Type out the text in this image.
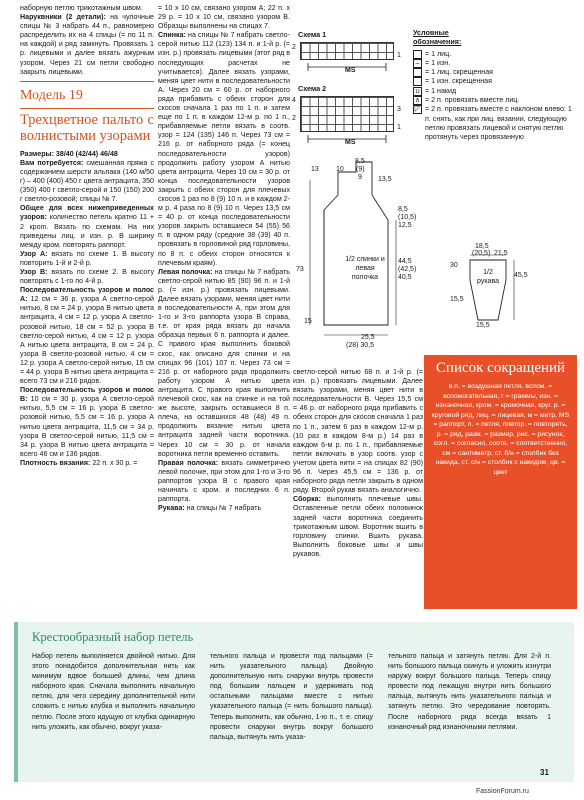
наборную петлю трикотажным швом.

Наруквники (2 детали): на чулочные спицы № 3 набрать 44 п., равномерно распределить их на 4 спицы (= по 11 п. на каждой) и ряд замкнуть. Провязать 1 р. лицевыми и далее вязать ажурным узором. Через 21 см петли свободно закрыть лицевыми.

Модель 19
Трехцветное пальто с волнистыми узорами

Размеры: 38/40 (42/44) 46/48

Вам потребуется: смешанная пряжа с содержанием шерсти альпака (140 м/50 г) – 400 (400) 450 г цвета антрацита, 350 (350) 400 г светло-серой и 150 (150) 200 г светло-розовой; спицы № 7.

Общее для всех нижеприведенных узоров: количество петель кратно 11 + 2 крom. Вязать по схемам. На них приведены лиц. и изн. р. В ширину между кром. повторять раппорт.

Узор А: вязать по схеме 1. В высоту повторить 1-й и 2-й р.

Узор В: вязать по схеме 2. В высоту повторять с 1-го по 4-й р.

Последовательность узоров и полос А: 12 см = 36 р. узора А светло-серой нитью, 8 см = 24 р. узора В нитью цвета антрацита, 4 см = 12 р. узора А светло-розовой нитью, 18 см = 52 р. узора В светло-серой нитью, 4 см = 12 р. узора А нитью цвета антрацита, 8 см = 24 р. узора В светло-розовой нитью, 4 см = 12 р. узора А светло-серой нитью, 15 см = 44 р. узора В нитью цвета антрацита = всего 73 см и 216 рядов.

Последовательность узоров и полос В: 10 см = 30 р. узора А светло-серой нитью, 5,5 см = 16 р. узора В светло-розовой нитью, 5,5 см = 16 р. узора А нитью цвета антрацита, 11,5 см = 34 р. узора В светло-серой нитью, 11,5 см = 34 р. узора В нитью цвета антрацита = всего 46 см и 136 рядов.

Плотность вязания: 22 п. х 30 р. =

= 10 х 10 см, связано узором А; 22 п. х 29 р. = 10 х 10 см, связано узором В. Образцы выполнены на спицах 7.

Спинка: на спицы № 7 набрать светло-серой нитью 112 (123) 134 п. и 1-й р. (= изн. р.) провязать лицевыми (этот ряд в последующих расчетах не учитывается). Далее вязать узорами, меняя цвет нити в последовательности А. Через 20 см = 60 р. от наборного ряда прибавить с обеих сторон для скосов сначала 1 раз по 1 п. и затем еще по 1 п. в каждом 12-м р. по 1 п., прибавляемые петли вязать в соотв. узор = 124 (135) 146 п. Через 73 см = 216 р. от наборного ряда (= конец последовательности узоров) продолжить работу узором А нитью цвета антрацита. Через 10 см = 30 р. от конца последовательности узоров закрыть с обеих сторон для плечевых скосов 1 раз по 8 (9) 10 п. и в каждом 2-м р. 4 раза по 8 (9) 10 п. Через 13,5 см = 40 р. от конца последовательности узоров закрыть оставшиеся 54 (55) 56 п. в одном ряду (средние 38 (39) 40 п. провязать в горловиной ряд горловины, по 8 п. с обеих сторон относятся к плечевым краям).

Левая полочка: на спицы № 7 набрать светло-серой нитью 85 (90) 96 п. и 1-й р. (= изн. р.) провязать лицевыми. Далее вязать узорами, меняя цвет нити в последовательности А, при этом для 1-го и 3-го раппорта узора В справа, т.е. от края ряда вязать до начала образца первых 6 п. раппорта и далее. С правого края выполнить боковой скос, как описано для спинки и на спицах 96 (101) 107 п. Через 73 см = 216 р. от наборного ряда продолжить работу узором А нитью цвета антрацита. С правого края выполнить плечевой скос, как на спинке и на той же высоте, закрыть оставшиеся 8 п. плеча, на оставшихся 48 (48) 49 п. продолжить вязание нитью цвета антрацита задней части воротника. Через 10 см = 30 р. от начала воротника петли временно оставить.

Правая полочка: вязать симметрично левой полочке, при этом для 1-го и 3-го раппортов узора В с правого края начинать с кром. и последних 6 п. раппорта.

Рукава: на спицы № 7 набрать

Схема 1
2
1
MS
Схема 2
4
3
2
1
MS
Условные
обозначения:
= 1 лиц.
– = 1 изн.
= 1 лиц. скрещенная
= 1 изн. скрещенная
∪ = 1 накид
∧ = 2 п. провязать вместе лиц.
◸ = 2 п. провязать вместе с наклоном влево: 1 п. снять, как при лиц. вязании, следующую петлю провязать лицевой и снятую петлю протянуть через провязанную
8,5
(9)
9
13 10
13,5
8,5
(10,5)
12,5
73
44,5
(42,5)
40,5
15
25,5
(28) 30,5
1/2 спинки и левая полочка
18,5
(20,5) 21,5
30
45,5
15,5
15,5
1/2 рукава

светло-серой нитью 68 п. и 1-й р. (= изн. р.) провязать лицевыми. Далее вязать узорами, меняя цвет нити в последовательности В. Через 15,5 см = 46 р. от наборного ряда прибавить с обеих сторон для скосов сначала 1 раз по 1 п., затем 6 раз в каждом 12-м р. (10 раз в каждом 8-м р.) 14 раз в каждом 6-м р. по 1 п., прибавляемые петли включать в узор соотв. узор с учетом цвета нити = на спицах 82 (90) 96 п. Через 45,5 см = 136 р. от наборного ряда петли закрыть в одном ряду. Второй рукав вязать аналогично.

Сборка: выполнить плечевые швы. Оставленные петли обеих половинок задней части воротника соединить трикотажным швом. Воротник вшить в горловину спинки. Вшить рукава. Выполнить боковые швы и швы рукавов.

Список сокращений
в.п. = воздушная петля, вспом. = вспомогательная, г = граммы, изн. = изнаночная, кром. = кромочная, круг. р. = круговой ряд, лиц. = лицевая, м = метр, MS = раппорт, п. = петля, повтор. = повторять, р. = ряд, разм. = размер, рис. = рисунок, согл. = согласно, соотв. = соответственно, см = сантиметр, ст. б/н = столбик без накида, ст. с/н = столбик с накидом, цв. = цвет
Крестообразный набор петель
Набор петель выполняется двойной нитью. Для этого понадобится дополнительная нить как минимум вдвое большей длины, чем длина наборного края. Сначала выполнить начальную петлю, для чего середину дополнительной нити сложить с нитью клубка и выполнить начальную петлю. После этого идущую от клубка одинарную нить уложить, как обычно, вокруг указа-
тельного пальца и провести под пальцами (= нить указательного пальца). Двойную дополнительную нить снаружи внутрь провести под большим пальцем и удерживать под остальными пальцами вместе с нитью указательного пальца (= нить большого пальца). Теперь выполнить, как обычно, 1-ю п., т. е. спицу провести снаружи внутрь вокруг большого пальца, вытянуть нить указа-
тельного пальца и затянуть петлю. Для 2-й п. нить большого пальца скинуть и уложить изнутри наружу вокруг большого пальца. Теперь спицу провести под лежащую внутри нить большого пальца, вытянуть нить указательного пальца и затянуть петлю. Это чередование повторять. После наборного ряда всегда вязать 1 изнаночный ряд изнаночными петлями.
31
FassionForum.ru
